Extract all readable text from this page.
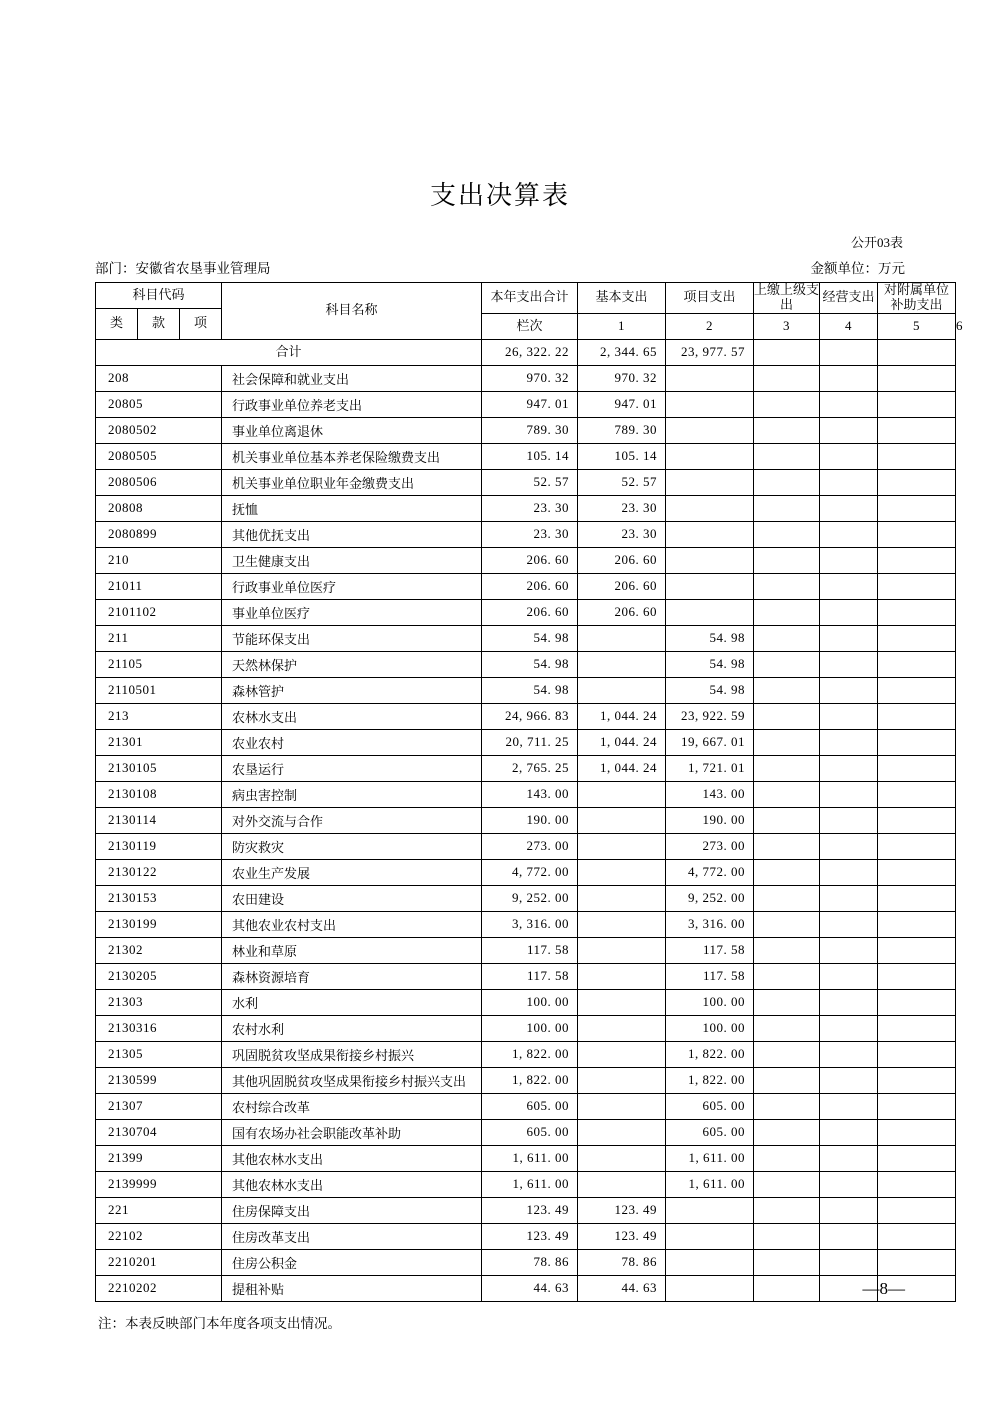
支出决算表
公开03表
部门：安徽省农垦事业管理局	金额单位：万元
科目代码			科目名称	本年支出合计	基本支出	项目支出	上缴上级支出	经营支出	对附属单位补助支出	
类	款	项								
				栏次	1	2	3	4	5	6
合计				26, 322. 22	2, 344. 65	23, 977. 57				
208			社会保障和就业支出	970. 32	970. 32					
20805			行政事业单位养老支出	947. 01	947. 01					
2080502			事业单位离退休	789. 30	789. 30					
2080505			机关事业单位基本养老保险缴费支出	105. 14	105. 14					
2080506			机关事业单位职业年金缴费支出	52. 57	52. 57					
20808			抚恤	23. 30	23. 30					
2080899			其他优抚支出	23. 30	23. 30					
210			卫生健康支出	206. 60	206. 60					
21011			行政事业单位医疗	206. 60	206. 60					
2101102			事业单位医疗	206. 60	206. 60					
211			节能环保支出	54. 98		54. 98				
21105			天然林保护	54. 98		54. 98				
2110501			森林管护	54. 98		54. 98				
213			农林水支出	24, 966. 83	1, 044. 24	23, 922. 59				
21301			农业农村	20, 711. 25	1, 044. 24	19, 667. 01				
2130105			农垦运行	2, 765. 25	1, 044. 24	1, 721. 01				
2130108			病虫害控制	143. 00		143. 00				
2130114			对外交流与合作	190. 00		190. 00				
2130119			防灾救灾	273. 00		273. 00				
2130122			农业生产发展	4, 772. 00		4, 772. 00				
2130153			农田建设	9, 252. 00		9, 252. 00				
2130199			其他农业农村支出	3, 316. 00		3, 316. 00				
21302			林业和草原	117. 58		117. 58				
2130205			森林资源培育	117. 58		117. 58				
21303			水利	100. 00		100. 00				
2130316			农村水利	100. 00		100. 00				
21305			巩固脱贫攻坚成果衔接乡村振兴	1, 822. 00		1, 822. 00				
2130599			其他巩固脱贫攻坚成果衔接乡村振兴支出	1, 822. 00		1, 822. 00				
21307			农村综合改革	605. 00		605. 00				
2130704			国有农场办社会职能改革补助	605. 00		605. 00				
21399			其他农林水支出	1, 611. 00		1, 611. 00				
2139999			其他农林水支出	1, 611. 00		1, 611. 00				
221			住房保障支出	123. 49	123. 49					
22102			住房改革支出	123. 49	123. 49					
2210201			住房公积金	78. 86	78. 86					
2210202			提租补贴	44. 63	44. 63					
注：本表反映部门本年度各项支出情况。
—8—
